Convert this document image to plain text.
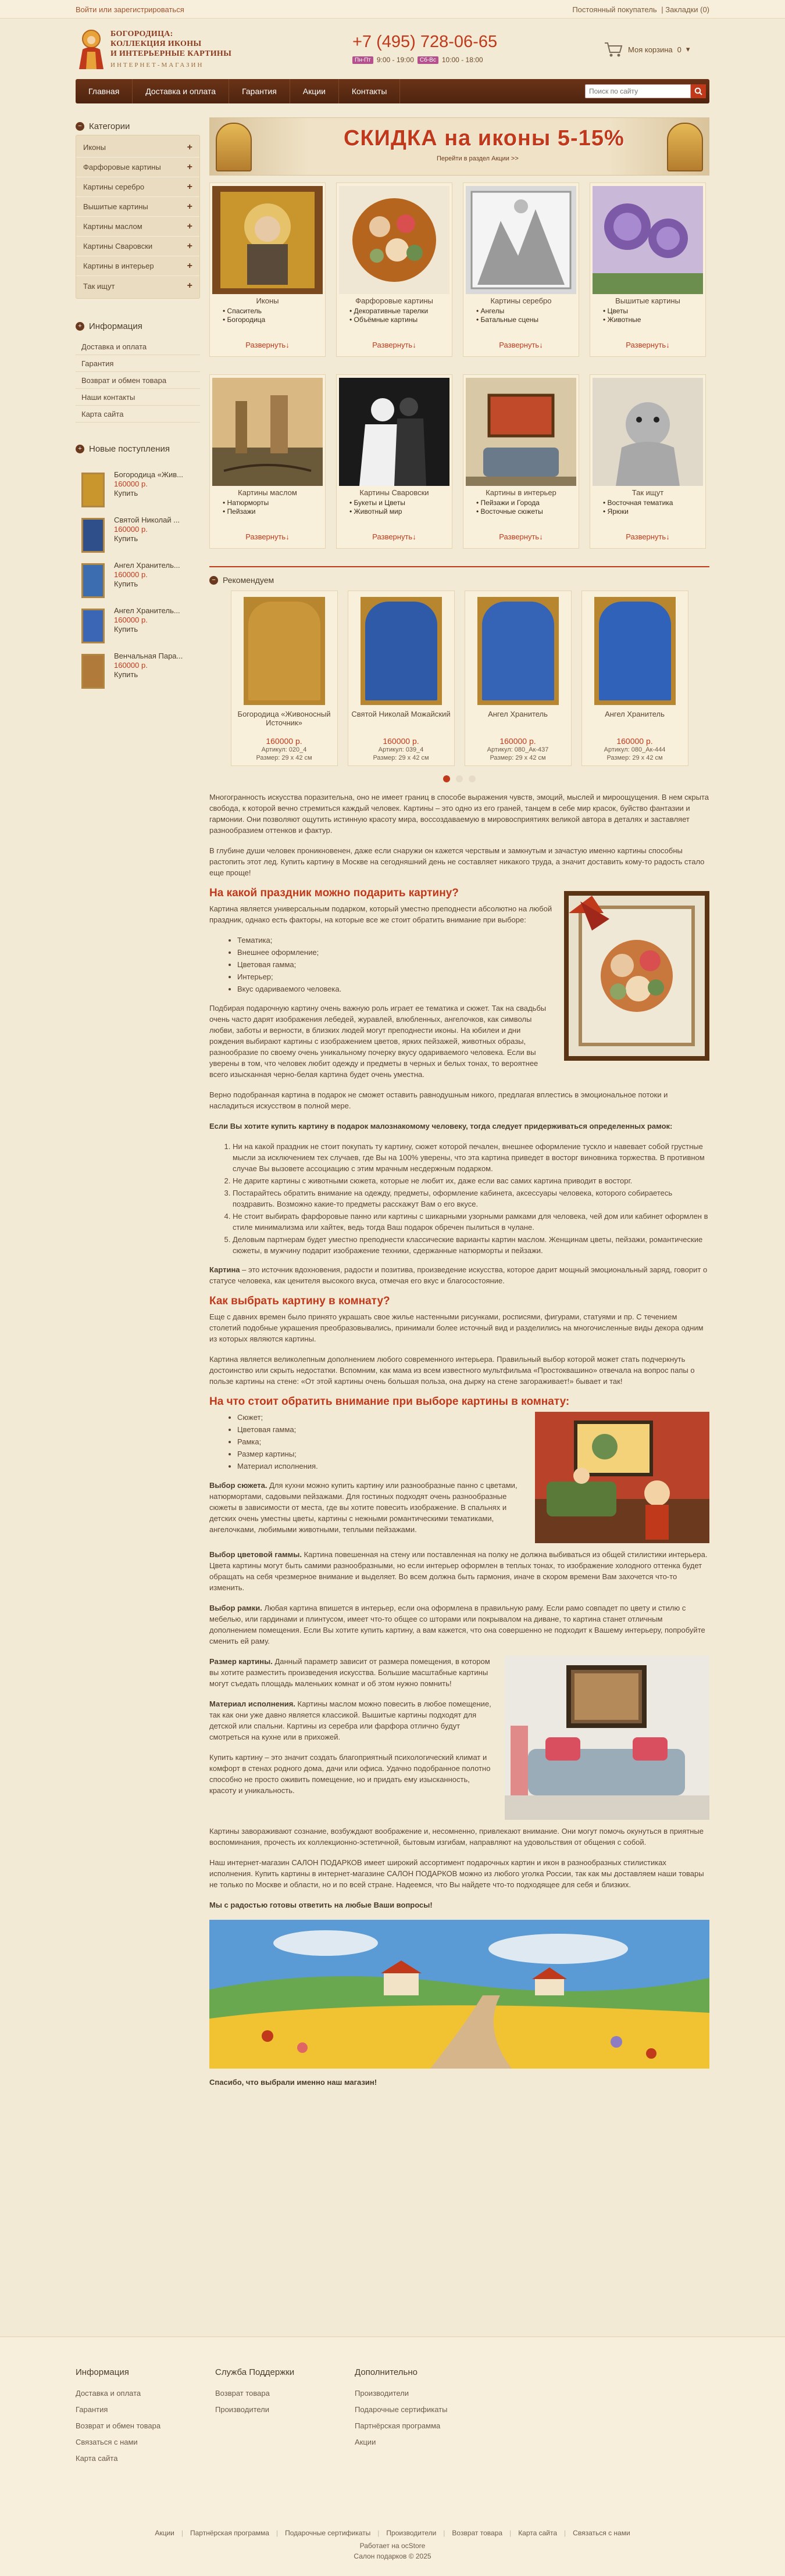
Войти или зарегистрироваться	Постоянный покупатель | Закладки (0)
БОГОРОДИЦА:
КОЛЛЕКЦИЯ ИКОНЫ
И ИНТЕРЬЕРНЫЕ КАРТИНЫ
ИНТЕРНЕТ-МАГАЗИН
+7 (495) 728-06-65
Пн-Пт 9:00 - 19:00	Сб-Вс 10:00 - 18:00
Моя корзина 0 ▾
Главная	Доставка и оплата	Гарантия	Акции	Контакты
Поиск по сайту
− Категории
Иконы	+
Фарфоровые картины	+
Картины серебро	+
Вышитые картины	+
Картины маслом	+
Картины Сваровски	+
Картины в интерьер	+
Так ищут	+
+ Информация
Доставка и оплата
Гарантия
Возврат и обмен товара
Наши контакты
Карта сайта
+ Новые поступления
Богородица «Жив...
160000 р.
Купить
Святой Николай ...
160000 р.
Купить
Ангел Хранитель...
160000 р.
Купить
Ангел Хранитель...
160000 р.
Купить
Венчальная Пара...
160000 р.
Купить
СКИДКА на иконы 5-15%
Перейти в раздел Акции >>
Иконы
• Спаситель
• Богородица
Развернуть↓
Фарфоровые картины
• Декоративные тарелки
• Объёмные картины
Развернуть↓
Картины серебро
• Ангелы
• Батальные сцены
Развернуть↓
Вышитые картины
• Цветы
• Животные
Развернуть↓
Картины маслом
• Натюрморты
• Пейзажи
Развернуть↓
Картины Сваровски
• Букеты и Цветы
• Животный мир
Развернуть↓
Картины в интерьер
• Пейзажи и Города
• Восточные сюжеты
Развернуть↓
Так ищут
• Восточная тематика
• Ярюки
Развернуть↓
− Рекомендуем
Богородица «Живоносный Источник»
160000 р.
Артикул: 020_4
Размер: 29 x 42 см
Святой Николай Можайский
160000 р.
Артикул: 039_4
Размер: 29 x 42 см
Ангел Хранитель
160000 р.
Артикул: 080_Ак-437
Размер: 29 x 42 см
Ангел Хранитель
160000 р.
Артикул: 080_Ак-444
Размер: 29 x 42 см

Многогранность искусства поразительна, оно не имеет границ в способе выражения чувств, эмоций, мыслей и мироощущения. В нем скрыта свобода, к которой вечно стремиться каждый человек. Картины – это одно из его граней, танцем в себе мир красок, буйство фантазии и гармонии. Они позволяют ощутить истинную красоту мира, воссоздаваемую в мировосприятиях великой автора в деталях и заставляет разнообразием оттенков и фактур.

В глубине души человек проникновенен, даже если снаружи он кажется черствым и замкнутым и зачастую именно картины способны растопить этот лед. Купить картину в Москве на сегодняшний день не составляет никакого труда, а значит доставить кому-то радость стало еще проще!

На какой праздник можно подарить картину?

Картина является универсальным подарком, который уместно преподнести абсолютно на любой праздник, однако есть факторы, на которые все же стоит обратить внимание при выборе:

• Тематика;
• Внешнее оформление;
• Цветовая гамма;
• Интерьер;
• Вкус одариваемого человека.

Подбирая подарочную картину очень важную роль играет ее тематика и сюжет. Так на свадьбы очень часто дарят изображения лебедей, журавлей, влюбленных, ангелочков, как символы любви, заботы и верности, в близких людей могут преподнести иконы. На юбилеи и дни рождения выбирают картины с изображением цветов, ярких пейзажей, животных образы, разнообразие по своему очень уникальному почерку вкусу одариваемого человека. Если вы уверены в том, что человек любит одежду и предметы в черных и белых тонах, то вероятнее всего изысканная черно-белая картина будет очень уместна.

Верно подобранная картина в подарок не сможет оставить равнодушным никого, предлагая вплестись в эмоциональное потоки и насладиться искусством в полной мере.

Если Вы хотите купить картину в подарок малознакомому человеку, тогда следует придерживаться определенных рамок:

1. Ни на какой праздник не стоит покупать ту картину, сюжет которой печален, внешнее оформление тускло и навевает собой грустные мысли за исключением тех случаев, где Вы на 100% уверены, что эта картина приведет в восторг виновника торжества. В противном случае Вы вызовете ассоциацию с этим мрачным несдержным подарком.
2. Не дарите картины с животными сюжета, которые не любит их, даже если вас самих картина приводит в восторг.
3. Постарайтесь обратить внимание на одежду, предметы, оформление кабинета, аксессуары человека, которого собираетесь поздравить. Возможно какие-то предметы расскажут Вам о его вкусе.
4. Не стоит выбирать фарфоровые панно или картины с шикарными узорными рамками для человека, чей дом или кабинет оформлен в стиле минимализма или хайтек, ведь тогда Ваш подарок обречен пылиться в чулане.
5. Деловым партнерам будет уместно преподнести классические варианты картин маслом. Женщинам цветы, пейзажи, романтические сюжеты, в мужчину подарит изображение техники, сдержанные натюрморты и пейзажи.

Картина – это источник вдохновения, радости и позитива, произведение искусства, которое дарит мощный эмоциональный заряд, говорит о статусе человека, как ценителя высокого вкуса, отмечая его вкус и благосостояние.

Как выбрать картину в комнату?

Еще с давних времен было принято украшать свое жилье настенными рисунками, росписями, фигурами, статуями и пр. С течением столетий подобные украшения преобразовывались, принимали более источный вид и разделились на многочисленные виды декора одним из которых являются картины.

Картина является великолепным дополнением любого современного интерьера. Правильный выбор которой может стать подчеркнуть достоинство или скрыть недостатки. Вспомним, как мама из всем известного мультфильма «Простоквашино» отвечала на вопрос папы о пользе картины на стене: «От этой картины очень большая польза, она дырку на стене загораживает!» бывает и так!

На что стоит обратить внимание при выборе картины в комнату:
• Сюжет;
• Цветовая гамма;
• Рамка;
• Размер картины;
• Материал исполнения.

Выбор сюжета. Для кухни можно купить картину или разнообразные панно с цветами, натюрмортами, садовыми пейзажами. Для гостиных подходят очень разнообразные сюжеты в зависимости от места, где вы хотите повесить изображение. В спальнях и детских очень уместны цветы, картины с нежными романтическими тематиками, ангелочками, любимыми животными, теплыми пейзажами.

Выбор цветовой гаммы. Картина повешенная на стену или поставленная на полку не должна выбиваться из общей стилистики интерьера. Цвета картины могут быть самими разнообразными, но если интерьер оформлен в теплых тонах, то изображение холодного оттенка будет обращать на себя чрезмерное внимание и выделяет. Во всем должна быть гармония, иначе в скором времени Вам захочется что-то изменить.

Выбор рамки. Любая картина впишется в интерьер, если она оформлена в правильную раму. Если рамо совпадет по цвету и стилю с мебелью, или гардинами и плинтусом, имеет что-то общее со шторами или покрывалом на диване, то картина станет отличным дополнением помещения. Если Вы хотите купить картину, а вам кажется, что она совершенно не подходит к Вашему интерьеру, попробуйте сменить ей раму.

Размер картины. Данный параметр зависит от размера помещения, в котором вы хотите разместить произведения искусства. Большие масштабные картины могут съедать площадь маленьких комнат и об этом нужно помнить!

Материал исполнения. Картины маслом можно повесить в любое помещение, так как они уже давно является классикой. Вышитые картины подходят для детской или спальни. Картины из серебра или фарфора отлично будут смотреться на кухне или в прихожей.

Купить картину – это значит создать благоприятный психологический климат и комфорт в стенах родного дома, дачи или офиса. Удачно подобранное полотно способно не просто оживить помещение, но и придать ему изысканность, красоту и уникальность.

Картины завораживают сознание, возбуждают воображение и, несомненно, привлекают внимание. Они могут помочь окунуться в приятные воспоминания, прочесть их коллекционно-эстетичной, бытовым изгибам, направляют на удовольствия от общения с собой.

Наш интернет-магазин САЛОН ПОДАРКОВ имеет широкий ассортимент подарочных картин и икон в разнообразных стилистиках исполнения. Купить картины в интернет-магазине САЛОН ПОДАРКОВ можно из любого уголка России, так как мы доставляем наши товары не только по Москве и области, но и по всей стране. Надеемся, что Вы найдете что-то подходящее для себя и близких.

Мы с радостью готовы ответить на любые Ваши вопросы!

Спасибо, что выбрали именно наш магазин!

Информация
Доставка и оплата
Гарантия
Возврат и обмен товара
Связаться с нами
Карта сайта
Служба Поддержки
Возврат товара
Производители
Дополнительно
Производители
Подарочные сертификаты
Партнёрская программа
Акции
Акции | Партнёрская программа | Подарочные сертификаты | Производители | Возврат товара | Карта сайта | Связаться с нами
Работает на ocStore
Салон подарков © 2025
